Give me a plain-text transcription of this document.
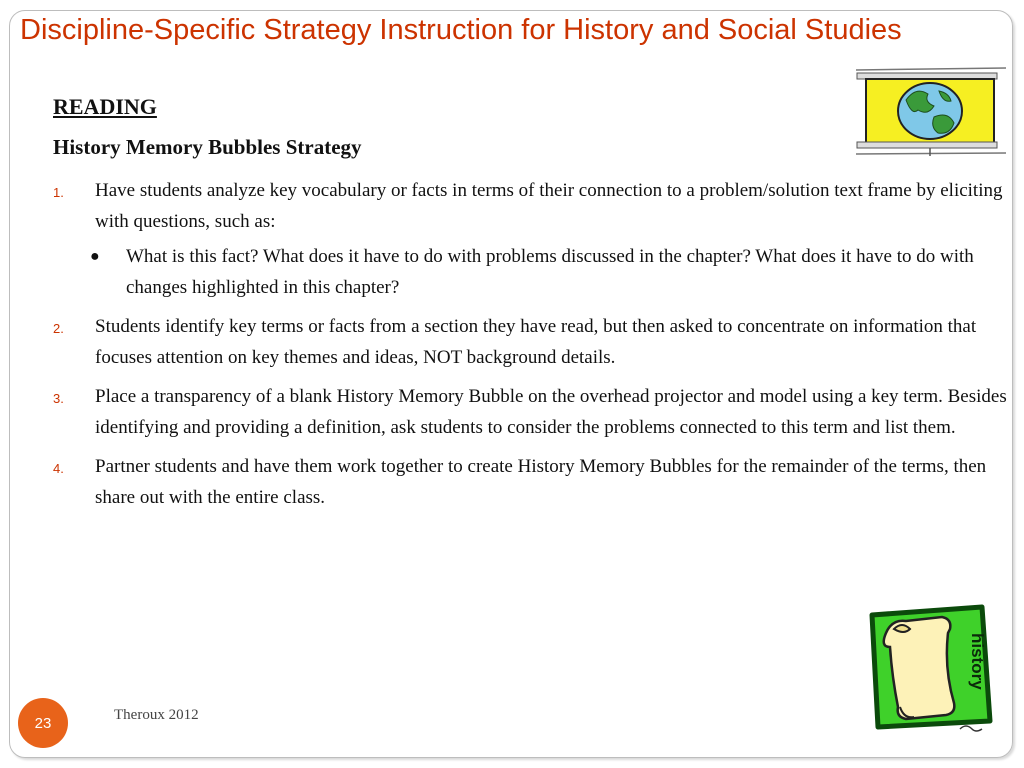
Discipline-Specific Strategy Instruction for History and Social Studies
READING
History Memory Bubbles Strategy
1. Have students analyze key vocabulary or facts in terms of their connection to a problem/solution text frame by eliciting with questions, such as:
● What is this fact? What does it have to do with problems discussed in the chapter? What does it have to do with changes highlighted in this chapter?
2. Students identify key terms or facts from a section they have read, but then asked to concentrate on information that focuses attention on key themes and ideas, NOT background details.
3. Place a transparency of a blank History Memory Bubble on the overhead projector and model using a key term. Besides identifying and providing a definition, ask students to consider the problems connected to this term and list them.
4. Partner students and have them work together to create History Memory Bubbles for the remainder of the terms, then share out with the entire class.
history
23	Theroux 2012
